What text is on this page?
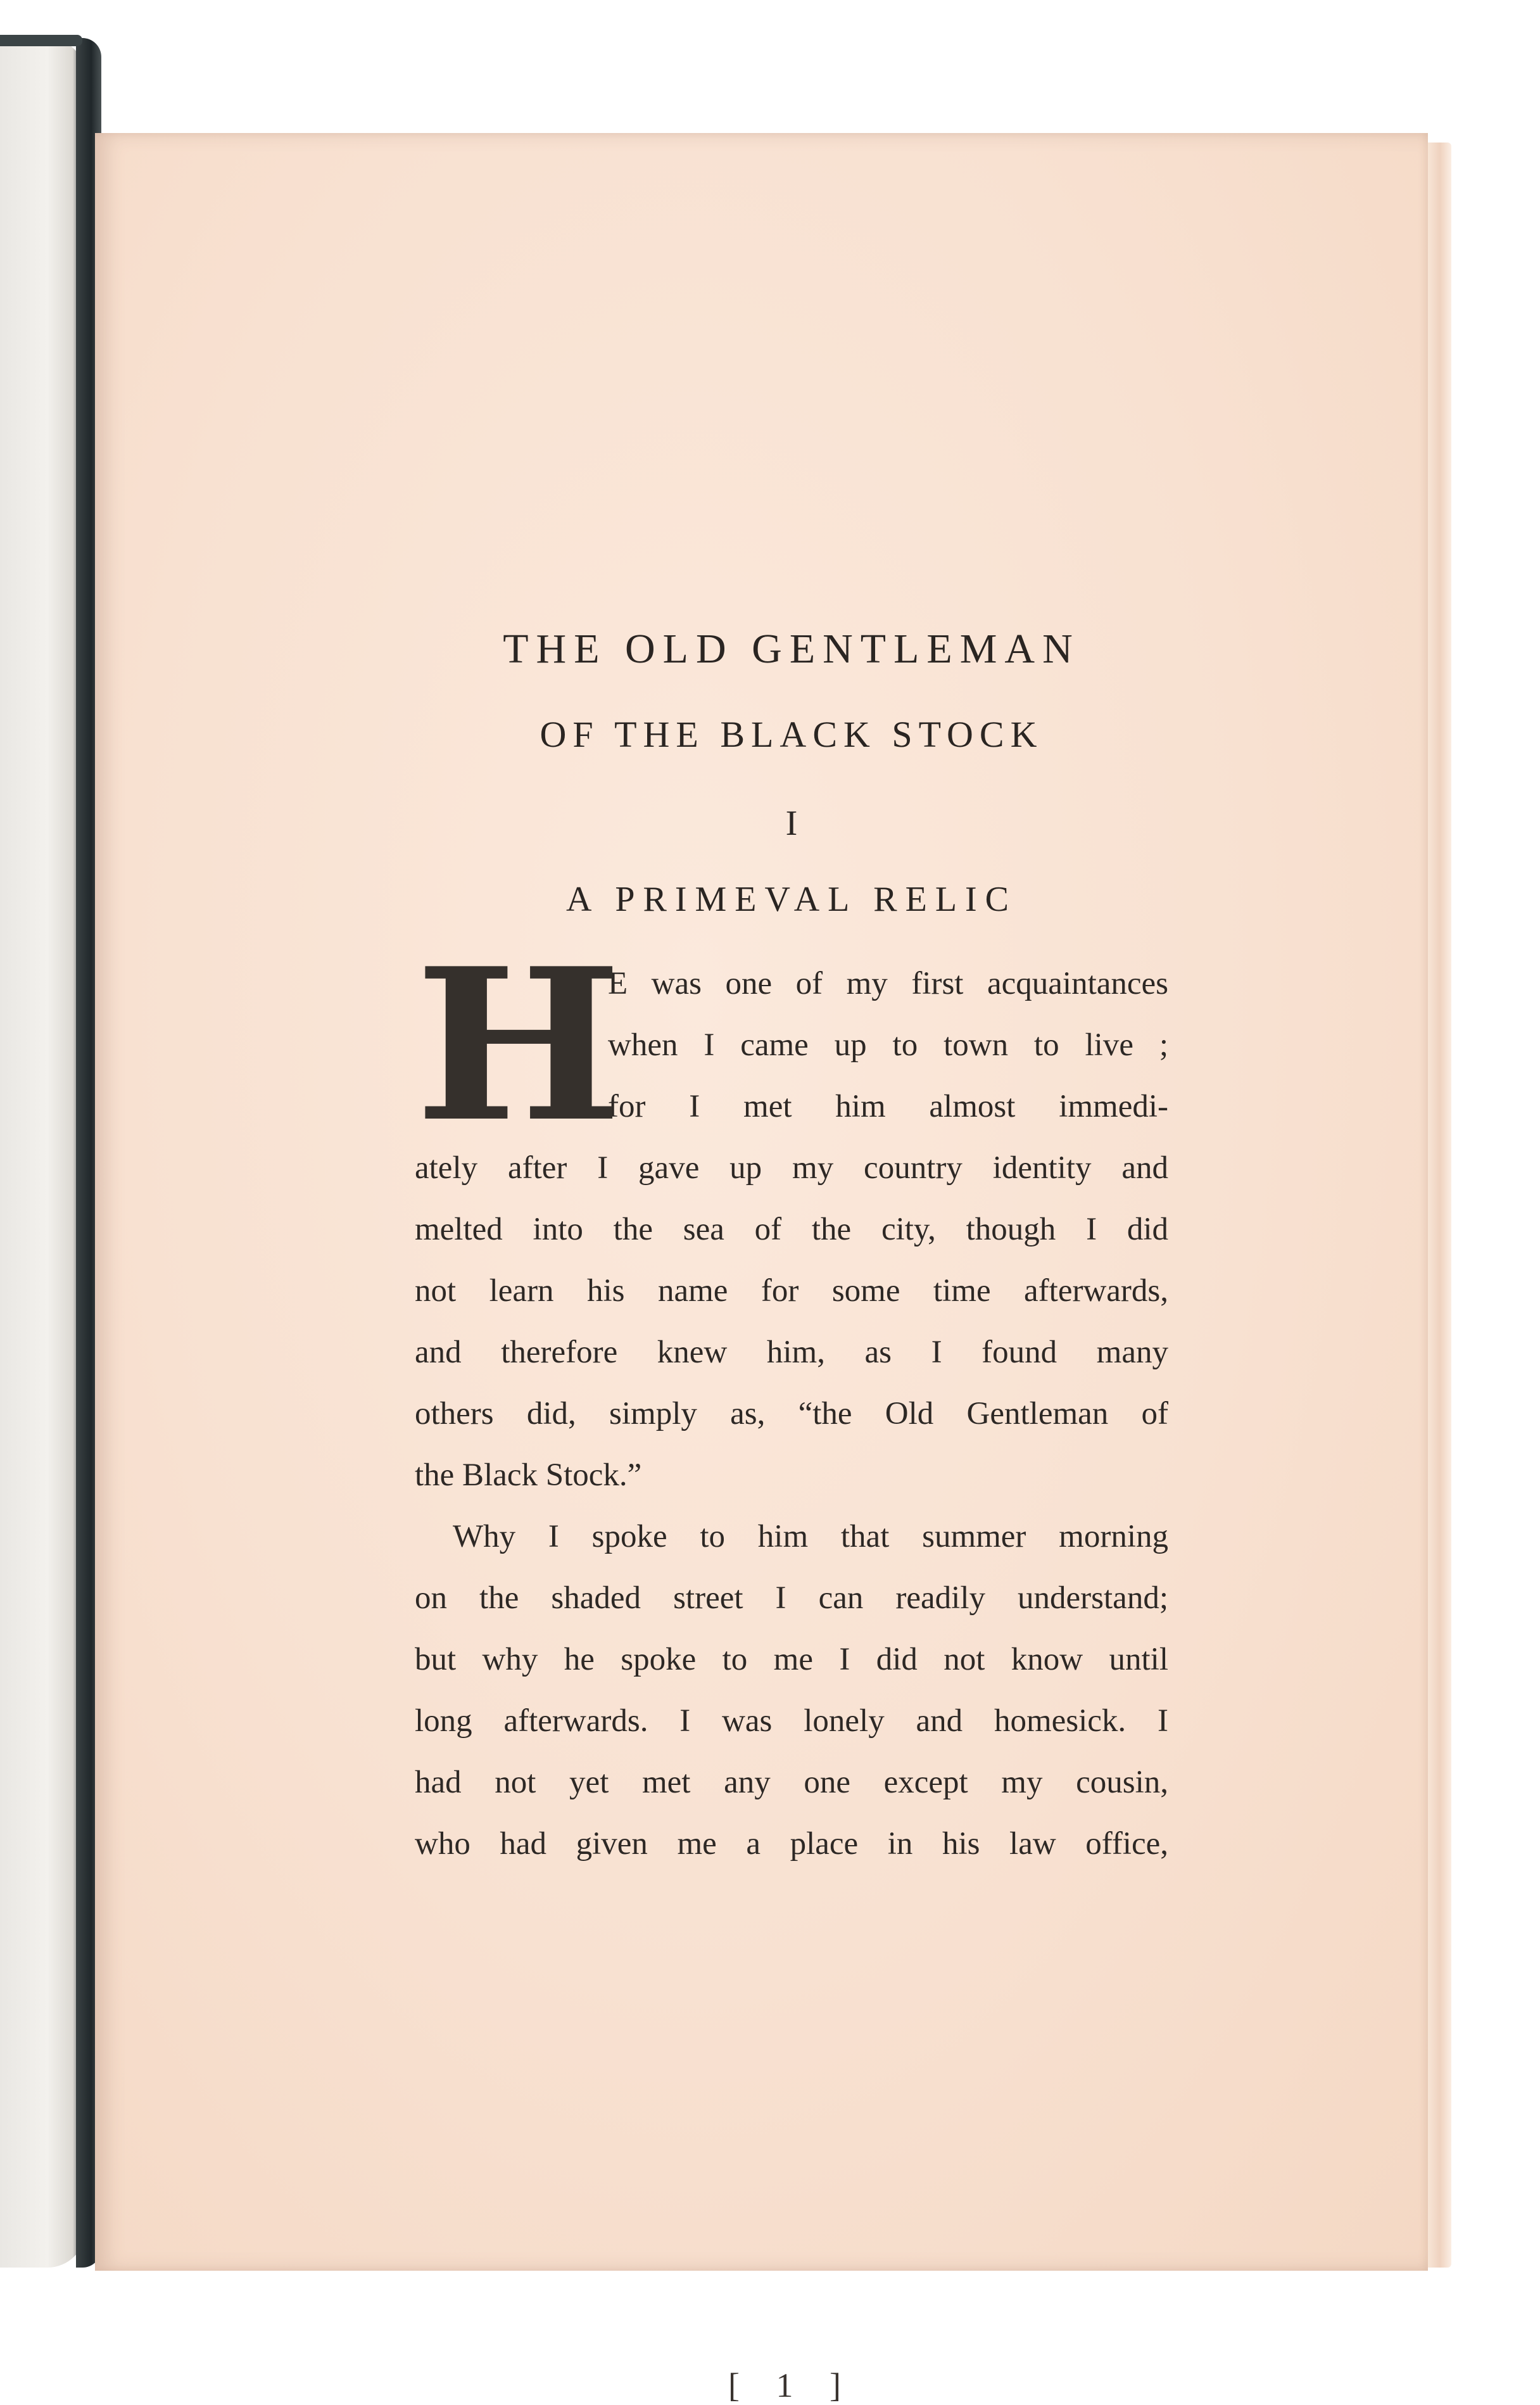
THE OLD GENTLEMAN
OF THE BLACK STOCK
I
A PRIMEVAL RELIC
H
E was one of my first acquaintances
when I came up to town to live ;
for I met him almost immedi-
ately after I gave up my country identity and
melted into the sea of the city, though I did
not learn his name for some time afterwards,
and therefore knew him, as I found many
others did, simply as, “the Old Gentleman of
the Black Stock.”
Why I spoke to him that summer morning
on the shaded street I can readily understand;
but why he spoke to me I did not know until
long afterwards. I was lonely and homesick. I
had not yet met any one except my cousin,
who had given me a place in his law office,
[ 1 ]
